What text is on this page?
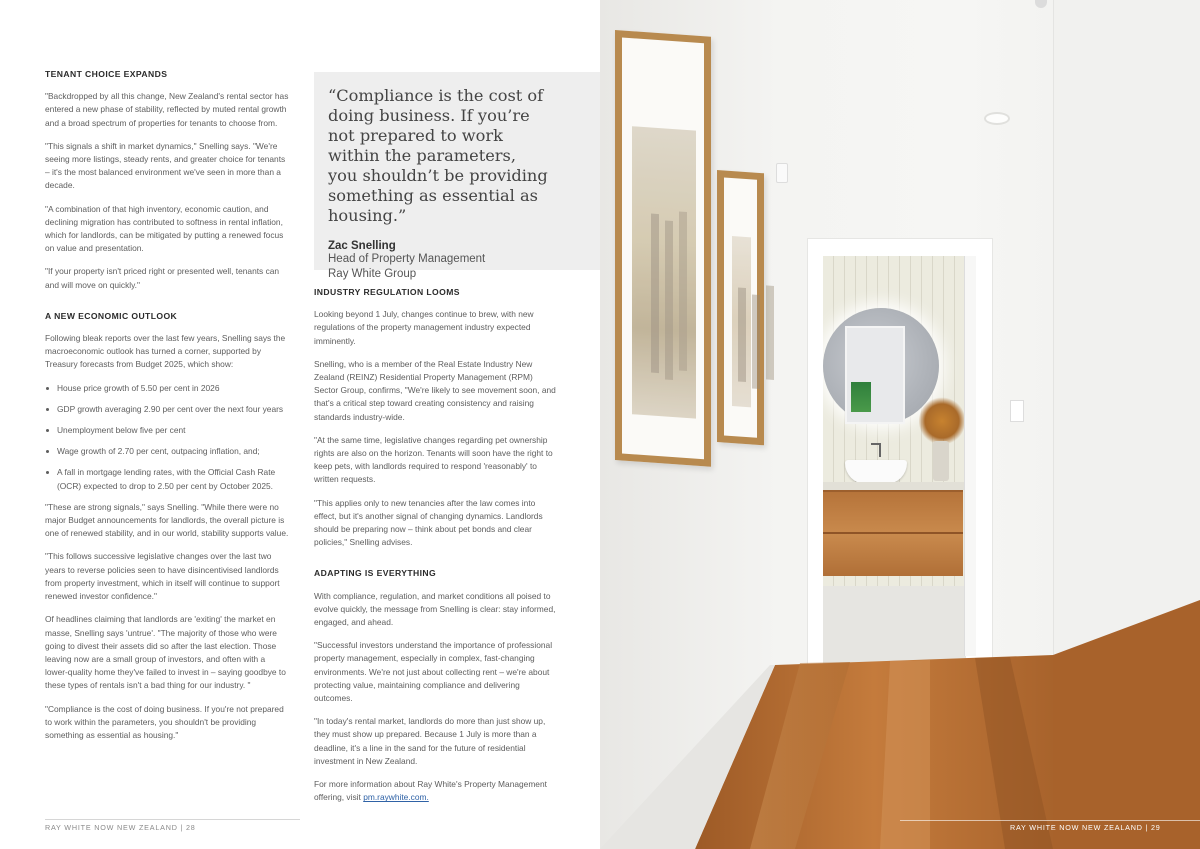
TENANT CHOICE EXPANDS

"Backdropped by all this change, New Zealand's rental sector has entered a new phase of stability, reflected by muted rental growth and a broad spectrum of properties for tenants to choose from.

"This signals a shift in market dynamics," Snelling says. "We're seeing more listings, steady rents, and greater choice for tenants – it's the most balanced environment we've seen in more than a decade.

"A combination of that high inventory, economic caution, and declining migration has contributed to softness in rental inflation, which for landlords, can be mitigated by putting a renewed focus on value and presentation.

"If your property isn't priced right or presented well, tenants can and will move on quickly."

A NEW ECONOMIC OUTLOOK

Following bleak reports over the last few years, Snelling says the macroeconomic outlook has turned a corner, supported by Treasury forecasts from Budget 2025, which show:

House price growth of 5.50 per cent in 2026
GDP growth averaging 2.90 per cent over the next four years
Unemployment below five per cent
Wage growth of 2.70 per cent, outpacing inflation, and;
A fall in mortgage lending rates, with the Official Cash Rate (OCR) expected to drop to 2.50 per cent by October 2025.

"These are strong signals," says Snelling. "While there were no major Budget announcements for landlords, the overall picture is one of renewed stability, and in our world, stability supports value.

"This follows successive legislative changes over the last two years to reverse policies seen to have disincentivised landlords from property investment, which in itself will continue to support renewed investor confidence."

Of headlines claiming that landlords are 'exiting' the market en masse, Snelling says 'untrue'. "The majority of those who were going to divest their assets did so after the last election. Those leaving now are a small group of investors, and often with a lower-quality home they've failed to invest in – saying goodbye to these types of rentals isn't a bad thing for our industry. "

"Compliance is the cost of doing business. If you're not prepared to work within the parameters, you shouldn't be providing something as essential as housing."

“Compliance is the cost of doing business. If you’re not prepared to work within the parameters, you shouldn’t be providing something as essential as housing.”
Zac Snelling
Head of Property Management
Ray White Group
INDUSTRY REGULATION LOOMS

Looking beyond 1 July, changes continue to brew, with new regulations of the property management industry expected imminently.

Snelling, who is a member of the Real Estate Industry New Zealand (REINZ) Residential Property Management (RPM) Sector Group, confirms, "We're likely to see movement soon, and that's a critical step toward creating consistency and raising standards industry-wide.

"At the same time, legislative changes regarding pet ownership rights are also on the horizon. Tenants will soon have the right to keep pets, with landlords required to respond 'reasonably' to written requests.

"This applies only to new tenancies after the law comes into effect, but it's another signal of changing dynamics. Landlords should be preparing now – think about pet bonds and clear policies," Snelling advises.

ADAPTING IS EVERYTHING

With compliance, regulation, and market conditions all poised to evolve quickly, the message from Snelling is clear: stay informed, engaged, and ahead.

"Successful investors understand the importance of professional property management, especially in complex, fast-changing environments. We're not just about collecting rent – we're about protecting value, maintaining compliance and delivering outcomes.

"In today's rental market, landlords do more than just show up, they must show up prepared. Because 1 July is more than a deadline, it's a line in the sand for the future of residential investment in New Zealand.

For more information about Ray White's Property Management offering, visit pm.raywhite.com.

RAY WHITE NOW NEW ZEALAND | 28	RAY WHITE NOW NEW ZEALAND | 29
